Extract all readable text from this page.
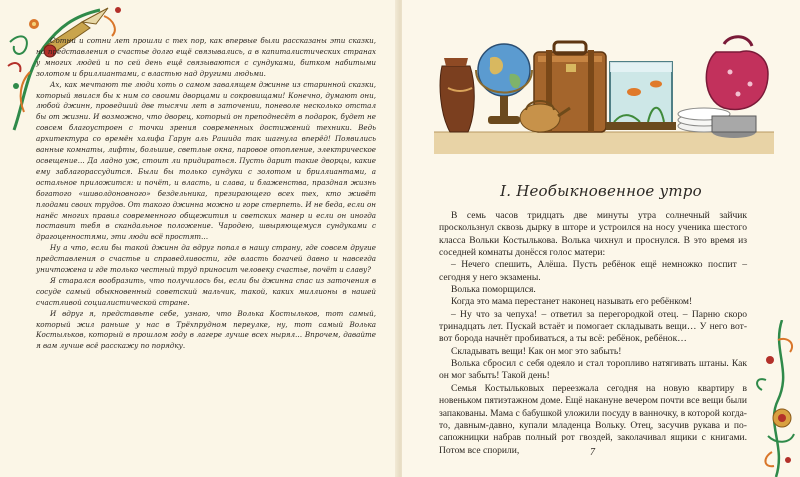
Сотни и сотни лет прошли с тех пор, как впервые были рассказаны эти сказки, но представления о счастье долго ещё связывались, а в капиталистических странах у многих людей и по сей день ещё связываются с сундуками, битком набитыми золотом и бриллиантами, с властью над другими людьми.

Ах, как мечтают те люди хоть о самом завалящем джинне из старинной сказки, который явился бы к ним со своими дворцами и сокровищами! Конечно, думают они, любой джинн, проведший две тысячи лет в заточении, поневоле несколько отстал бы от жизни. И возможно, что дворец, который он преподнесёт в подарок, будет не совсем благоустроен с точки зрения современных достижений техники. Ведь архитектура со времён халифа Гарун аль Рашида так шагнула вперёд! Появились ванные комнаты, лифты, большие, светлые окна, паровое отопление, электрическое освещение… Да ладно уж, стоит ли придираться. Пусть дарит такие дворцы, какие ему заблагорассудится. Были бы только сундуки с золотом и бриллиантами, а остальное приложится: и почёт, и власть, и слава, и блаженства, праздная жизнь богатого «шиволдоновного» бездельника, презирающего всех тех, кто живёт плодами своих трудов. От такого джинна можно и горе стерпеть. И не беда, если он нанёс многих правил современного общежития и светских манер и если он иногда поставит тебя в скандальное положение. Чародею, швыряющемуся сундуками с драгоценностями, эти люди всё простят…

Ну а что, если бы такой джинн да вдруг попал в нашу страну, где совсем другие представления о счастье и справедливости, где власть богачей давно и навсегда уничтожена и где только честный труд приносит человеку счастье, почёт и славу?

Я старался вообразить, что получилось бы, если бы джинна спас из заточения в сосуде самый обыкновенный советский мальчик, такой, каких миллионы в нашей счастливой социалистической стране.

И вдруг я, представьте себе, узнаю, что Волька Костыльков, тот самый, который жил раньше у нас в Трёхпрудном переулке, ну, тот самый Волька Костыльков, который в прошлом году в лагере лучше всех нырял… Впрочем, давайте я вам лучше всё расскажу по порядку.

I. Необыкновенное утро

В семь часов тридцать две минуты утра солнечный зайчик проскользнул сквозь дырку в шторе и устроился на носу ученика шестого класса Вольки Костылькова. Волька чихнул и проснулся. В это время из соседней комнаты донёсся голос матери:

– Нечего спешить, Алёша. Пусть ребёнок ещё немножко поспит – сегодня у него экзамены.

Волька поморщился.

Когда это мама перестанет наконец называть его ребёнком!

– Ну что за чепуха! – ответил за перегородкой отец. – Парню скоро тринадцать лет. Пускай встаёт и помогает складывать вещи… У него вот-вот борода начнёт пробиваться, а ты всё: ребёнок, ребёнок…

Складывать вещи! Как он мог это забыть!

Волька сбросил с себя одеяло и стал торопливо натягивать штаны. Как он мог забыть! Такой день!

Семья Костыльковых переезжала сегодня на новую квартиру в новеньком пятиэтажном доме. Ещё накануне вечером почти все вещи были запакованы. Мама с бабушкой уложили посуду в ванночку, в которой когда-то, давным-давно, купали младенца Вольку. Отец, засучив рукава и по-сапожницки набрав полный рот гвоздей, заколачивал ящики с книгами. Потом все спорили,	7
